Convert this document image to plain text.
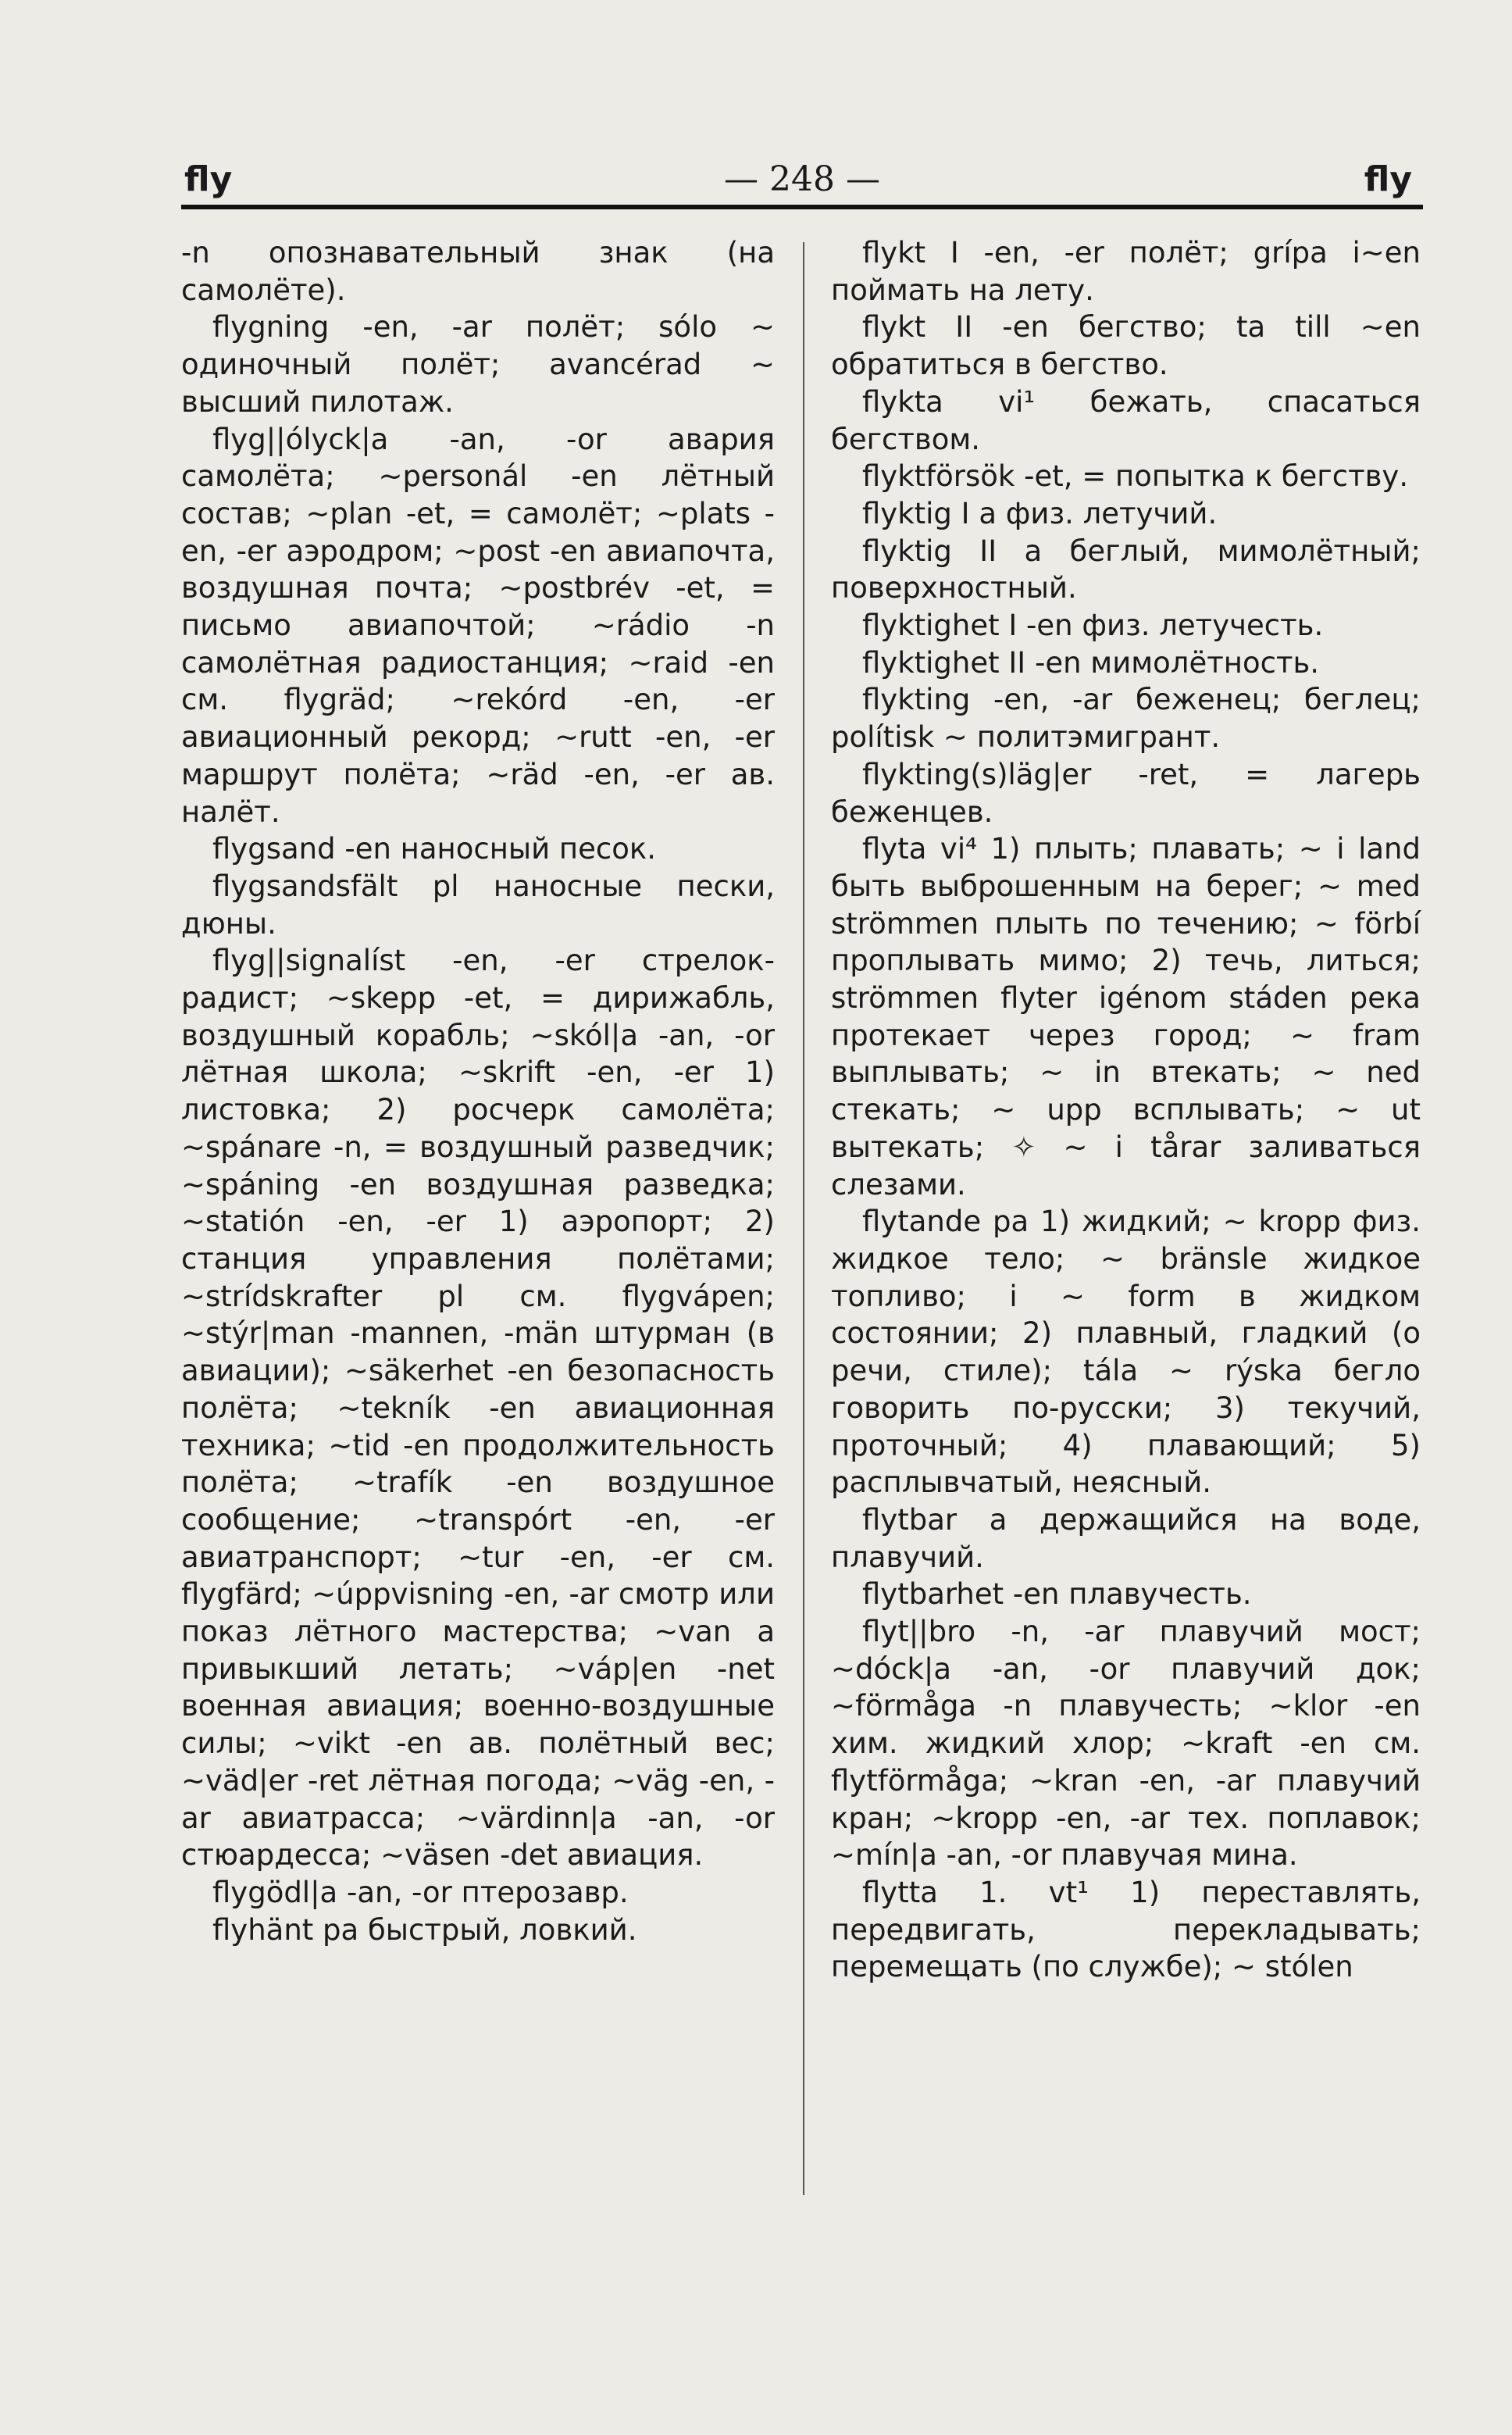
fly	— 248 —	fly

-n опознавательный знак (на самолёте).

flygning -en, -ar полёт; sólo ~ одиночный полёт; avancérad ~ высший пилотаж.

flyg||ólyck|a -an, -or авария самолёта; ~personál -en лётный состав; ~plan -et, = самолёт; ~plats -en, -er аэродром; ~post -en авиапочта, воздушная почта; ~postbrév -et, = письмо авиапочтой; ~rádio -n самолётная радиостанция; ~raid -en см. flygräd; ~rekórd -en, -er авиационный рекорд; ~rutt -en, -er маршрут полёта; ~räd -en, -er ав. налёт.

flygsand -en наносный песок.

flygsandsfält pl наносные пески, дюны.

flyg||signalíst -en, -er стрелок-радист; ~skepp -et, = дирижабль, воздушный корабль; ~skól|a -an, -or лётная школа; ~skrift -en, -er 1) листовка; 2) росчерк самолёта; ~spánare -n, = воздушный разведчик; ~spáning -en воздушная разведка; ~statión -en, -er 1) аэропорт; 2) станция управления полётами; ~strídskrafter pl см. flygvápen; ~stýr|man -mannen, -män штурман (в авиации); ~säkerhet -en безопасность полёта; ~tekník -en авиационная техника; ~tid -en продолжительность полёта; ~trafík -en воздушное сообщение; ~transpórt -en, -er авиатранспорт; ~tur -en, -er см. flygfärd; ~úppvisning -en, -ar смотр или показ лётного мастерства; ~van a привыкший летать; ~váp|en -net военная авиация; военно-воздушные силы; ~vikt -en ав. полётный вес; ~väd|er -ret лётная погода; ~väg -en, -ar авиатрасса; ~värdinn|a -an, -or стюардесса; ~väsen -det авиация.

flygödl|a -an, -or птерозавр.

flyhänt pa быстрый, ловкий.

flykt I -en, -er полёт; grípa i~en поймать на лету.

flykt II -en бегство; ta till ~en обратиться в бегство.

flykta vi¹ бежать, спасаться бегством.

flyktförsök -et, = попытка к бегству.

flyktig I a физ. летучий.

flyktig II a беглый, мимолётный; поверхностный.

flyktighet I -en физ. летучесть.

flyktighet II -en мимолётность.

flykting -en, -ar беженец; беглец; polítisk ~ политэмигрант.

flykting(s)läg|er -ret, = лагерь беженцев.

flyta vi⁴ 1) плыть; плавать; ~ i land быть выброшенным на берег; ~ med strömmen плыть по течению; ~ förbí проплывать мимо; 2) течь, литься; strömmen flyter igénom stáden река протекает через город; ~ fram выплывать; ~ in втекать; ~ ned стекать; ~ upp всплывать; ~ ut вытекать; ✧ ~ i tårar заливаться слезами.

flytande pa 1) жидкий; ~ kropp физ. жидкое тело; ~ bränsle жидкое топливо; i ~ form в жидком состоянии; 2) плавный, гладкий (о речи, стиле); tála ~ rýska бегло говорить по-русски; 3) текучий, проточный; 4) плавающий; 5) расплывчатый, неясный.

flytbar a держащийся на воде, плавучий.

flytbarhet -en плавучесть.

flyt||bro -n, -ar плавучий мост; ~dóck|a -an, -or плавучий док; ~förmåga -n плавучесть; ~klor -en хим. жидкий хлор; ~kraft -en см. flytförmåga; ~kran -en, -ar плавучий кран; ~kropp -en, -ar тех. поплавок; ~mín|a -an, -or плавучая мина.

flytta 1. vt¹ 1) переставлять, передвигать, перекладывать; перемещать (по службе); ~ stólen
